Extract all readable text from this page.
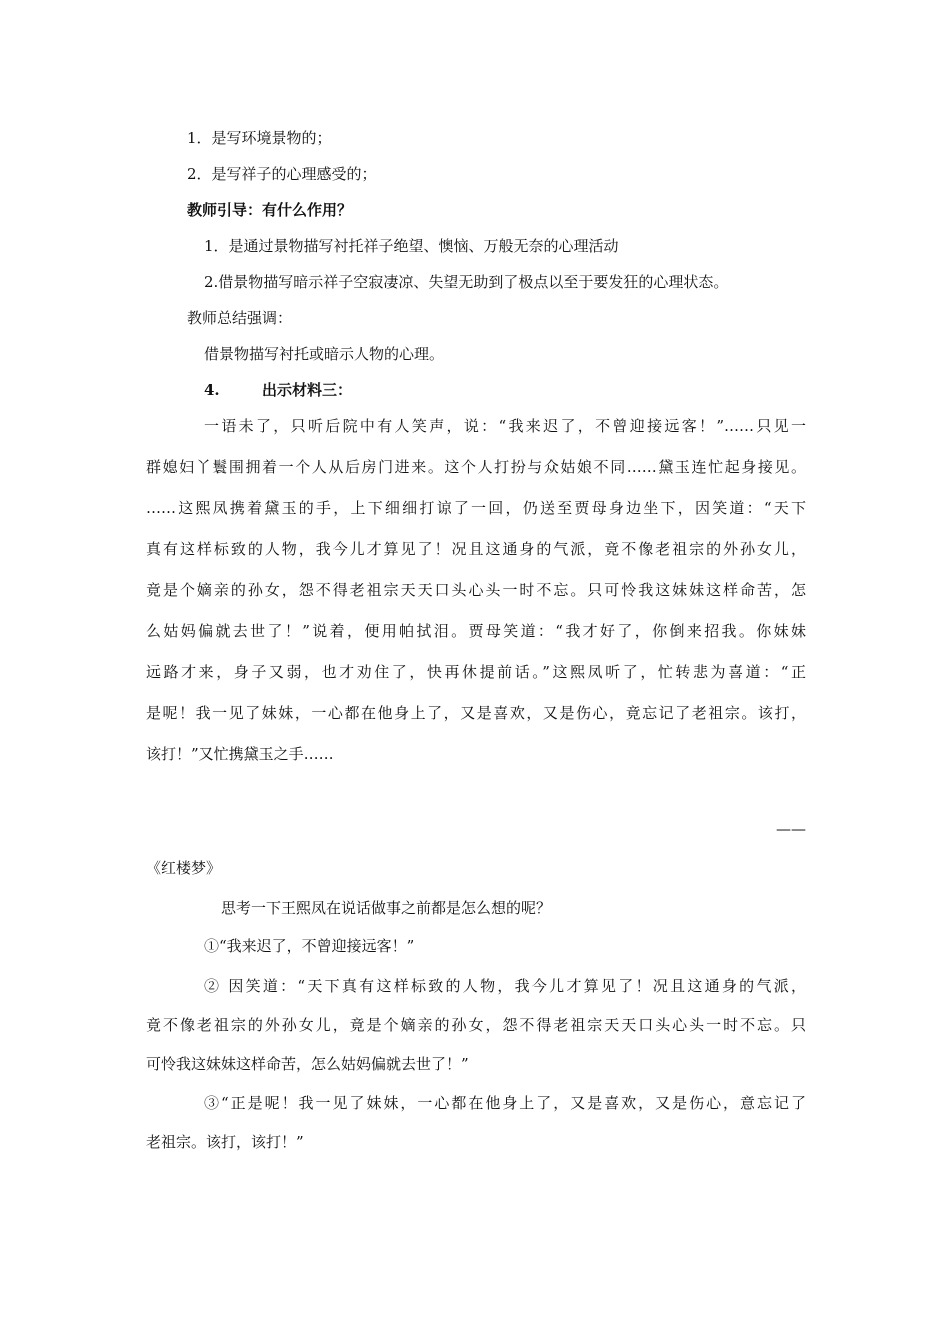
1．是写环境景物的；
2．是写祥子的心理感受的；
教师引导：有什么作用？
1．是通过景物描写衬托祥子绝望、懊恼、万般无奈的心理活动
2.借景物描写暗示祥子空寂凄凉、失望无助到了极点以至于要发狂的心理状态。
教师总结强调：
借景物描写衬托或暗示人物的心理。
4.	出示材料三：
一语未了，只听后院中有人笑声，说：“我来迟了，不曾迎接远客！”……只见一
群媳妇丫鬟围拥着一个人从后房门进来。这个人打扮与众姑娘不同……黛玉连忙起身接见。
……这熙凤携着黛玉的手，上下细细打谅了一回，仍送至贾母身边坐下，因笑道：“天下
真有这样标致的人物，我今儿才算见了！况且这通身的气派，竟不像老祖宗的外孙女儿，
竟是个嫡亲的孙女，怨不得老祖宗天天口头心头一时不忘。只可怜我这妹妹这样命苦，怎
么姑妈偏就去世了！”说着，便用帕拭泪。贾母笑道：“我才好了，你倒来招我。你妹妹
远路才来，身子又弱，也才劝住了，快再休提前话。”这熙凤听了，忙转悲为喜道：“正
是呢！我一见了妹妹，一心都在他身上了，又是喜欢，又是伤心，竟忘记了老祖宗。该打，
该打！”又忙携黛玉之手……
——
《红楼梦》
思考一下王熙凤在说话做事之前都是怎么想的呢？
①“我来迟了，不曾迎接远客！”
② 因笑道：“天下真有这样标致的人物，我今儿才算见了！况且这通身的气派，
竟不像老祖宗的外孙女儿，竟是个嫡亲的孙女，怨不得老祖宗天天口头心头一时不忘。只
可怜我这妹妹这样命苦，怎么姑妈偏就去世了！”
③“正是呢！我一见了妹妹，一心都在他身上了，又是喜欢，又是伤心，意忘记了
老祖宗。该打，该打！”
